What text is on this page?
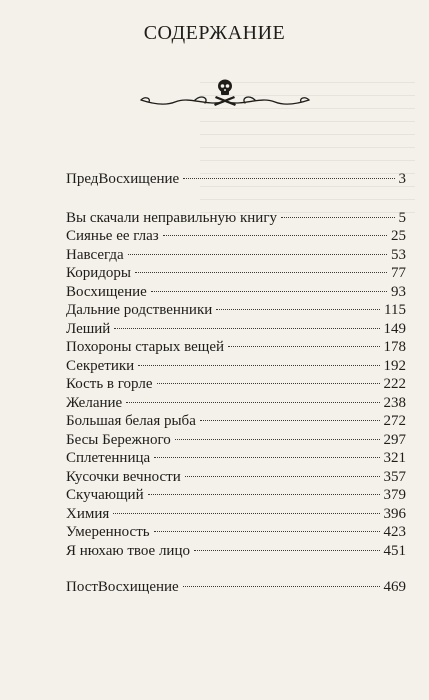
СОДЕРЖАНИЕ
ПредВосхищение	3
Вы скачали неправильную книгу	5
Сиянье ее глаз	25
Навсегда	53
Коридоры	77
Восхищение	93
Дальние родственники	115
Леший	149
Похороны старых вещей	178
Секретики	192
Кость в горле	222
Желание	238
Большая белая рыба	272
Бесы Бережного	297
Сплетенница	321
Кусочки вечности	357
Скучающий	379
Химия	396
Умеренность	423
Я нюхаю твое лицо	451
ПостВосхищение	469
